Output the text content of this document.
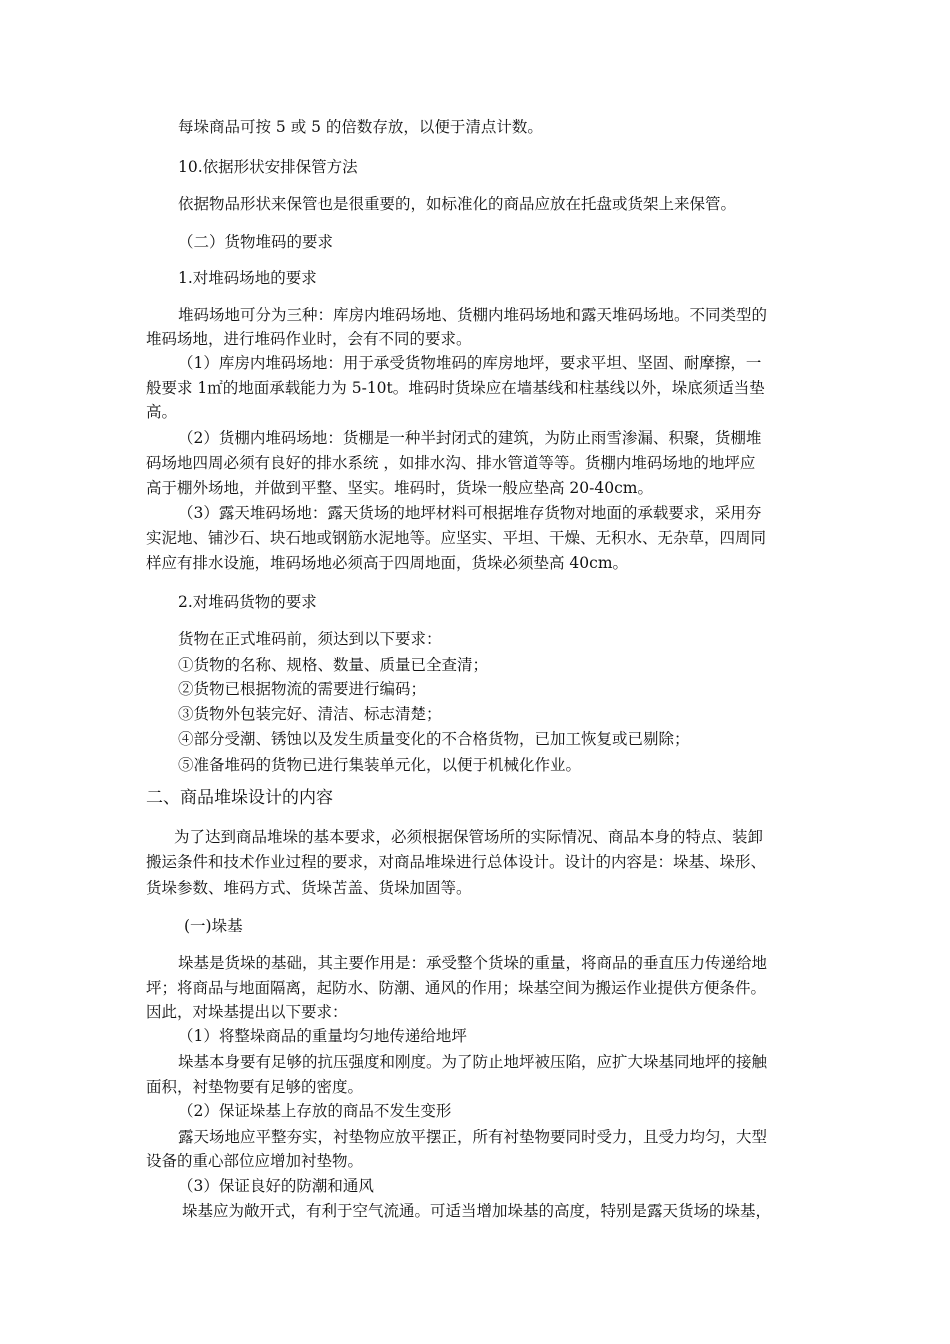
每垛商品可按 5 或 5 的倍数存放，以便于清点计数。
10.依据形状安排保管方法
依据物品形状来保管也是很重要的，如标准化的商品应放在托盘或货架上来保管。
（二）货物堆码的要求
1.对堆码场地的要求
堆码场地可分为三种：库房内堆码场地、货棚内堆码场地和露天堆码场地。不同类型的
堆码场地，进行堆码作业时，会有不同的要求。
（1）库房内堆码场地：用于承受货物堆码的库房地坪，要求平坦、坚固、耐摩擦，一
般要求 1㎡的地面承载能力为 5-10t。堆码时货垛应在墙基线和柱基线以外，垛底须适当垫
高。
（2）货棚内堆码场地：货棚是一种半封闭式的建筑，为防止雨雪渗漏、积聚，货棚堆
码场地四周必须有良好的排水系统 ，如排水沟、排水管道等等。货棚内堆码场地的地坪应
高于棚外场地，并做到平整、坚实。堆码时，货垛一般应垫高 20-40cm。
（3）露天堆码场地：露天货场的地坪材料可根据堆存货物对地面的承载要求，采用夯
实泥地、铺沙石、块石地或钢筋水泥地等。应坚实、平坦、干燥、无积水、无杂草，四周同
样应有排水设施，堆码场地必须高于四周地面，货垛必须垫高 40cm。
2.对堆码货物的要求
货物在正式堆码前，须达到以下要求：
①货物的名称、规格、数量、质量已全查清；
②货物已根据物流的需要进行编码；
③货物外包装完好、清洁、标志清楚；
④部分受潮、锈蚀以及发生质量变化的不合格货物，已加工恢复或已剔除；
⑤准备堆码的货物已进行集装单元化，以便于机械化作业。
二、商品堆垛设计的内容
为了达到商品堆垛的基本要求，必须根据保管场所的实际情况、商品本身的特点、装卸
搬运条件和技术作业过程的要求，对商品堆垛进行总体设计。设计的内容是：垛基、垛形、
货垛参数、堆码方式、货垛苫盖、货垛加固等。
(一)垛基
垛基是货垛的基础，其主要作用是：承受整个货垛的重量，将商品的垂直压力传递给地
坪；将商品与地面隔离，起防水、防潮、通风的作用；垛基空间为搬运作业提供方便条件。
因此，对垛基提出以下要求：
（1）将整垛商品的重量均匀地传递给地坪
垛基本身要有足够的抗压强度和刚度。为了防止地坪被压陷，应扩大垛基同地坪的接触
面积，衬垫物要有足够的密度。
（2）保证垛基上存放的商品不发生变形
露天场地应平整夯实，衬垫物应放平摆正，所有衬垫物要同时受力，且受力均匀，大型
设备的重心部位应增加衬垫物。
（3）保证良好的防潮和通风
垛基应为敞开式，有利于空气流通。可适当增加垛基的高度，特别是露天货场的垛基，
